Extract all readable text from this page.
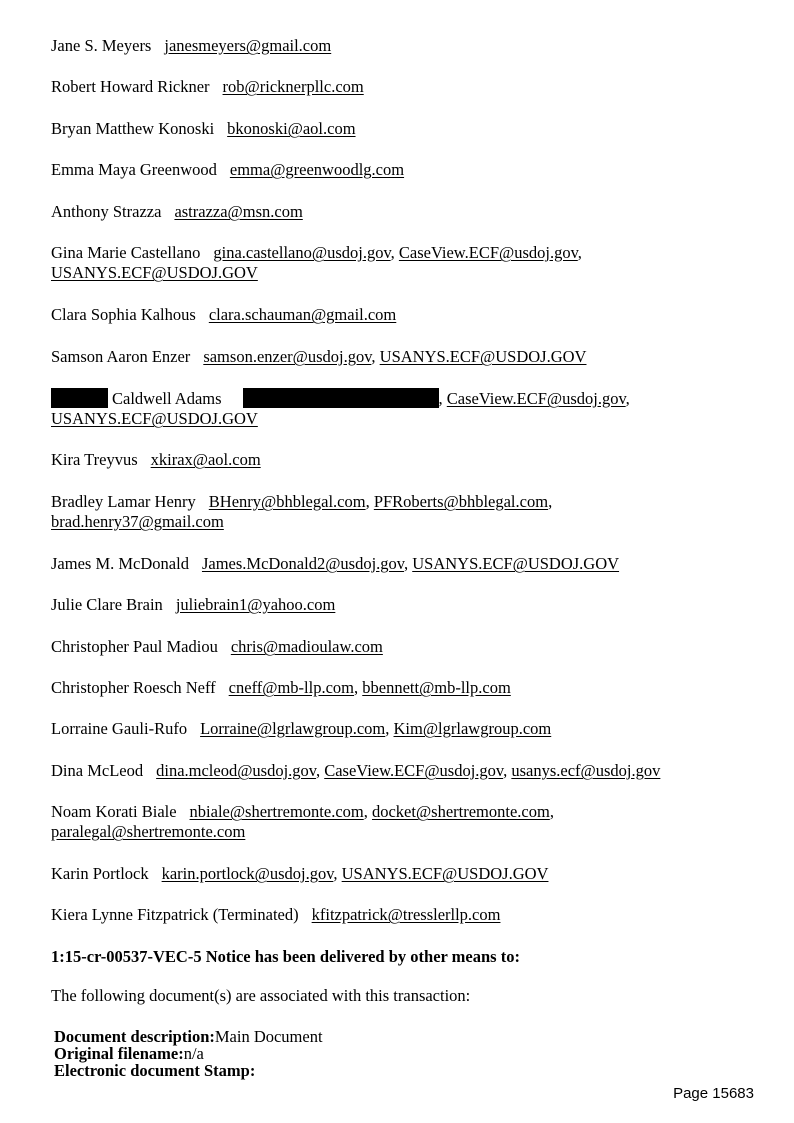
Jane S. Meyers janesmeyers@gmail.com

Robert Howard Rickner rob@ricknerpllc.com

Bryan Matthew Konoski bkonoski@aol.com

Emma Maya Greenwood emma@greenwoodlg.com

Anthony Strazza astrazza@msn.com

Gina Marie Castellano gina.castellano@usdoj.gov, CaseView.ECF@usdoj.gov,
USANYS.ECF@USDOJ.GOV

Clara Sophia Kalhous clara.schauman@gmail.com

Samson Aaron Enzer samson.enzer@usdoj.gov, USANYS.ECF@USDOJ.GOV

Caldwell Adams	, CaseView.ECF@usdoj.gov,
USANYS.ECF@USDOJ.GOV

Kira Treyvus xkirax@aol.com

Bradley Lamar Henry BHenry@bhblegal.com, PFRoberts@bhblegal.com,
brad.henry37@gmail.com

James M. McDonald James.McDonald2@usdoj.gov, USANYS.ECF@USDOJ.GOV

Julie Clare Brain juliebrain1@yahoo.com

Christopher Paul Madiou chris@madioulaw.com

Christopher Roesch Neff cneff@mb-llp.com, bbennett@mb-llp.com

Lorraine Gauli-Rufo Lorraine@lgrlawgroup.com, Kim@lgrlawgroup.com

Dina McLeod dina.mcleod@usdoj.gov, CaseView.ECF@usdoj.gov, usanys.ecf@usdoj.gov

Noam Korati Biale nbiale@shertremonte.com, docket@shertremonte.com,
paralegal@shertremonte.com

Karin Portlock karin.portlock@usdoj.gov, USANYS.ECF@USDOJ.GOV

Kiera Lynne Fitzpatrick (Terminated) kfitzpatrick@tresslerllp.com

1:15-cr-00537-VEC-5 Notice has been delivered by other means to:
The following document(s) are associated with this transaction:
Document description:Main Document
Original filename:n/a
Electronic document Stamp:
Page 15683
